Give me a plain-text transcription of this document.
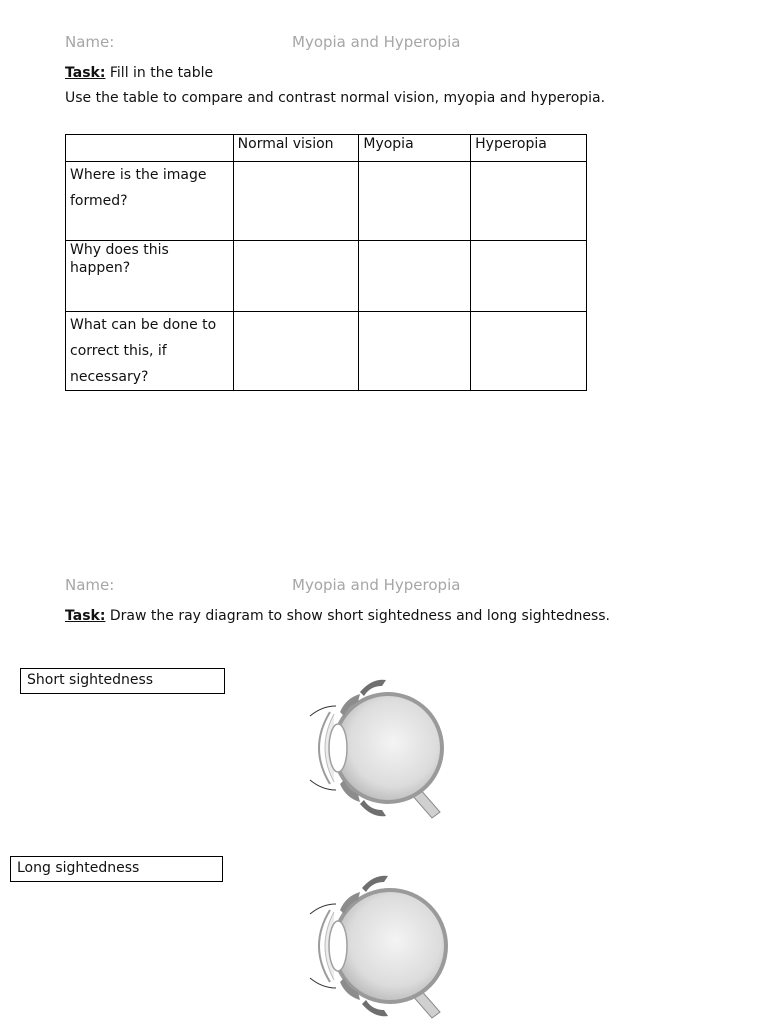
Name:	Myopia and Hyperopia
Task: Fill in the table
Use the table to compare and contrast normal vision, myopia and hyperopia.
	Normal vision	Myopia	Hyperopia
Where is the image formed?			
Why does this happen?			
What can be done to correct this, if necessary?			
Name:	Myopia and Hyperopia
Task: Draw the ray diagram to show short sightedness and long sightedness.
Short sightedness
Long sightedness
